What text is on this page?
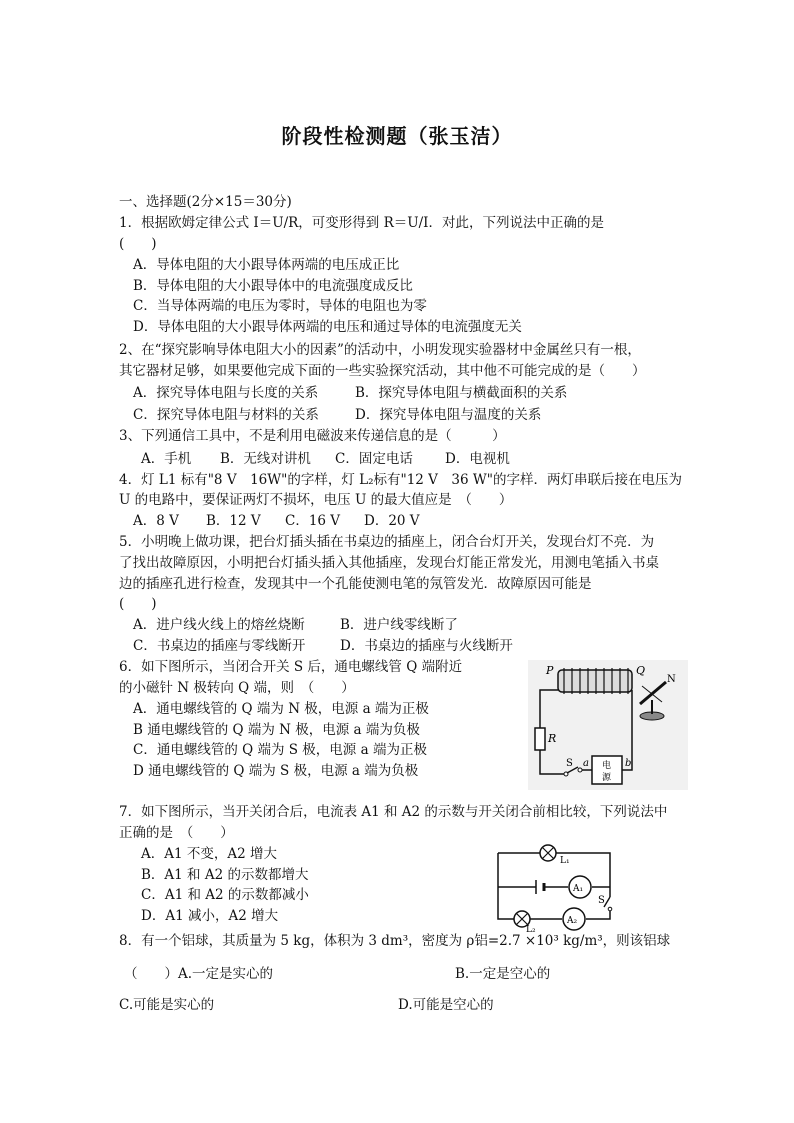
阶段性检测题（张玉洁）
一、选择题(2分×15＝30分)
1．根据欧姆定律公式 I＝U/R，可变形得到 R＝U/I．对此，下列说法中正确的是
(　　)
A．导体电阻的大小跟导体两端的电压成正比
B．导体电阻的大小跟导体中的电流强度成反比
C．当导体两端的电压为零时，导体的电阻也为零
D．导体电阻的大小跟导体两端的电压和通过导体的电流强度无关
2、在“探究影响导体电阻大小的因素”的活动中，小明发现实验器材中金属丝只有一根，
其它器材足够，如果要他完成下面的一些实验探究活动，其中他不可能完成的是（　　）
A．探究导体电阻与长度的关系	B．探究导体电阻与横截面积的关系
C．探究导体电阻与材料的关系	D．探究导体电阻与温度的关系
3、下列通信工具中，不是利用电磁波来传递信息的是（　　　）
A．手机 B．无线对讲机 C．固定电话 D．电视机
4．灯 L1 标有"8 V　16W"的字样，灯 L₂标有"12 V　36 W"的字样．两灯串联后接在电压为
U 的电路中，要保证两灯不损坏，电压 U 的最大值应是　（　　）
A．8 V B．12 V C．16 V D．20 V
5．小明晚上做功课，把台灯插头插在书桌边的插座上，闭合台灯开关，发现台灯不亮．为
了找出故障原因，小明把台灯插头插入其他插座，发现台灯能正常发光，用测电笔插入书桌
边的插座孔进行检查，发现其中一个孔能使测电笔的氖管发光．故障原因可能是
(　　)
A．进户线火线上的熔丝烧断	B．进户线零线断了
C．书桌边的插座与零线断开	D．书桌边的插座与火线断开
6．如下图所示，当闭合开关 S 后，通电螺线管 Q 端附近
的小磁针 N 极转向 Q 端，则　（　　）
A．通电螺线管的 Q 端为 N 极，电源 a 端为正极
B 通电螺线管的 Q 端为 N 极，电源 a 端为负极
C．通电螺线管的 Q 端为 S 极，电源 a 端为正极
D 通电螺线管的 Q 端为 S 极，电源 a 端为负极
P	Q
N
R
S a	b
电
源
7．如下图所示，当开关闭合后，电流表 A1 和 A2 的示数与开关闭合前相比较，下列说法中
正确的是　（　　）
A．A1 不变，A2 增大
B．A1 和 A2 的示数都增大
C．A1 和 A2 的示数都减小
D．A1 减小，A2 增大
L₁
L₂
A₁
A₂
S
8．有一个铝球，其质量为 5 kg，体积为 3 dm³，密度为 ρ铝=2.7 ×10³ kg/m³，则该铝球
（　　）A.一定是实心的	B.一定是空心的
C.可能是实心的	D.可能是空心的
